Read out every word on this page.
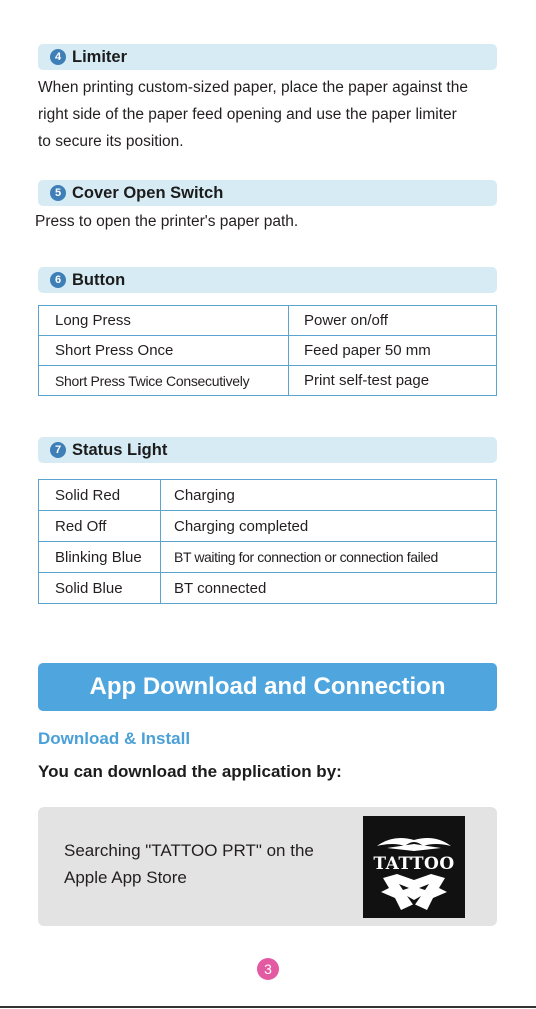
4 Limiter
When printing custom-sized paper, place the paper against the
right side of the paper feed opening and use the paper limiter
to secure its position.
5 Cover Open Switch
Press to open the printer's paper path.
6 Button
Long Press	Power on/off
Short Press Once	Feed paper 50 mm
Short Press Twice Consecutively	Print self-test page
7 Status Light
Solid Red	Charging
Red Off	Charging completed
Blinking Blue	BT waiting for connection or connection failed
Solid Blue	BT connected
App Download and Connection
Download & Install
You can download the application by:
Searching "TATTOO PRT" on the
Apple App Store
TATTOO
3
